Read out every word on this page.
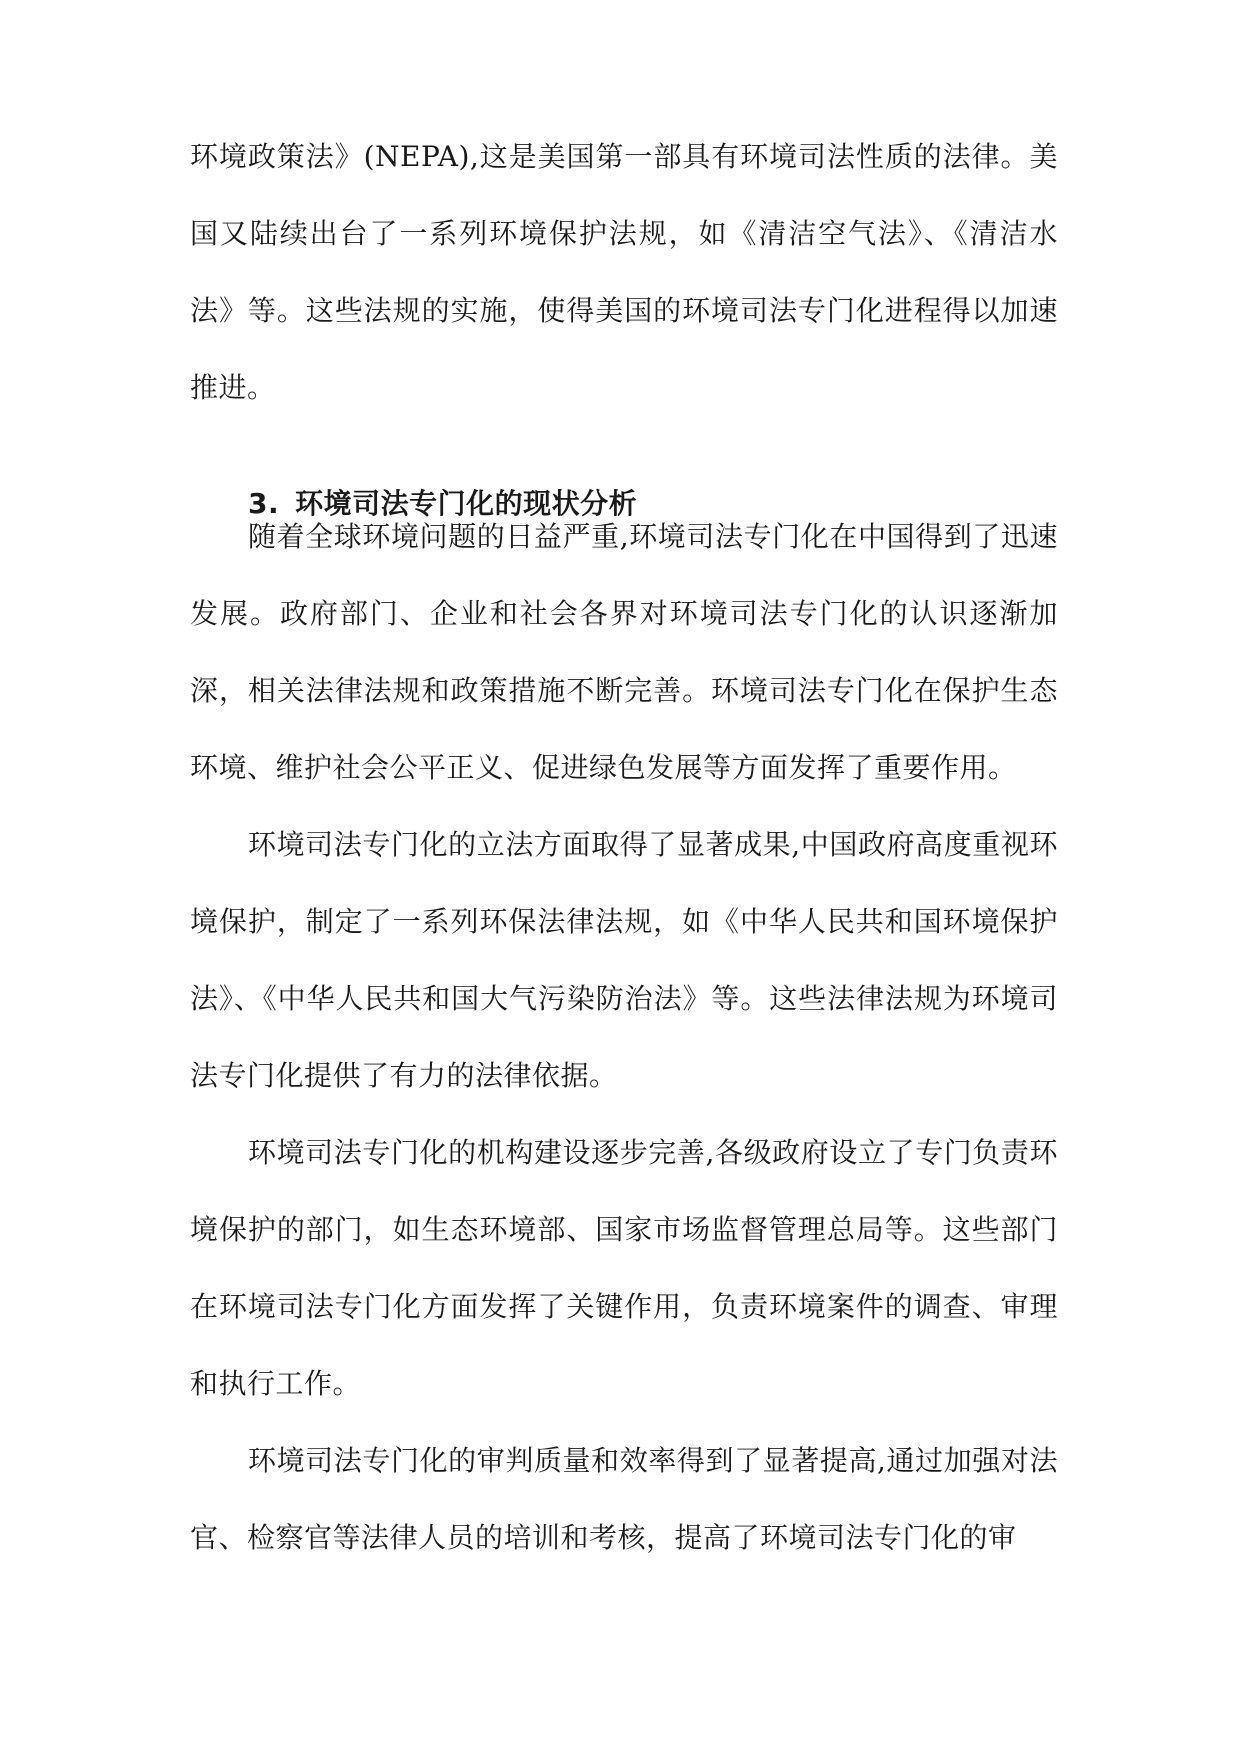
环境政策法》(NEPA),这是美国第一部具有环境司法性质的法律。美国又陆续出台了一系列环境保护法规，如《清洁空气法》、《清洁水法》等。这些法规的实施，使得美国的环境司法专门化进程得以加速推进。

3. 环境司法专门化的现状分析

随着全球环境问题的日益严重,环境司法专门化在中国得到了迅速发展。政府部门、企业和社会各界对环境司法专门化的认识逐渐加深，相关法律法规和政策措施不断完善。环境司法专门化在保护生态环境、维护社会公平正义、促进绿色发展等方面发挥了重要作用。

环境司法专门化的立法方面取得了显著成果,中国政府高度重视环境保护，制定了一系列环保法律法规，如《中华人民共和国环境保护法》、《中华人民共和国大气污染防治法》等。这些法律法规为环境司法专门化提供了有力的法律依据。

环境司法专门化的机构建设逐步完善,各级政府设立了专门负责环境保护的部门，如生态环境部、国家市场监督管理总局等。这些部门在环境司法专门化方面发挥了关键作用，负责环境案件的调查、审理和执行工作。

环境司法专门化的审判质量和效率得到了显著提高,通过加强对法官、检察官等法律人员的培训和考核，提高了环境司法专门化的审
